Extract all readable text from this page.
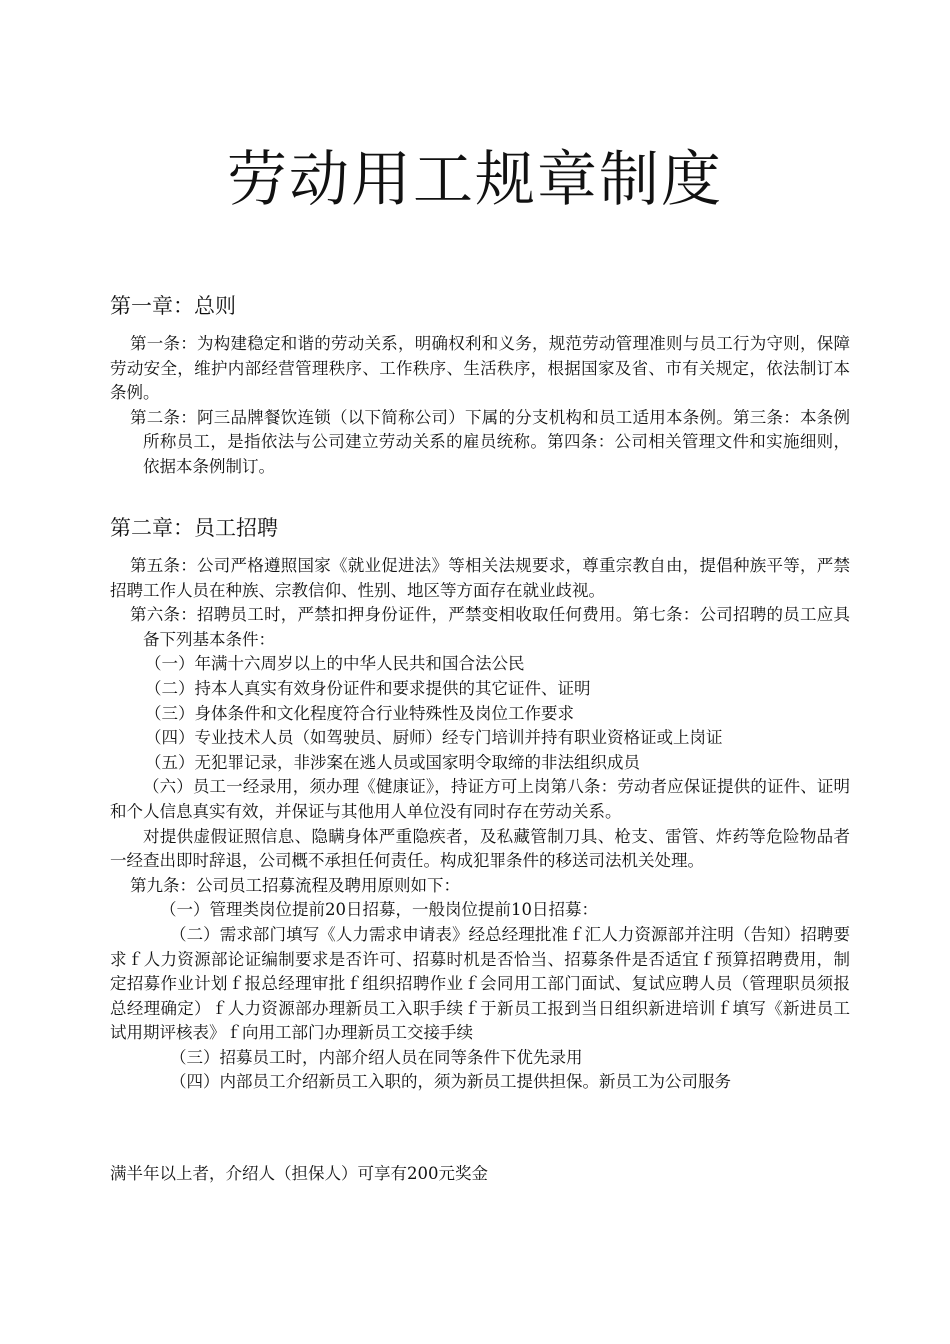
劳动用工规章制度
第一章：总则

第一条：为构建稳定和谐的劳动关系，明确权利和义务，规范劳动管理准则与员工行为守则，保障劳动安全，维护内部经营管理秩序、工作秩序、生活秩序，根据国家及省、市有关规定，依法制订本条例。

第二条：阿三品牌餐饮连锁（以下简称公司）下属的分支机构和员工适用本条例。第三条：本条例所称员工，是指依法与公司建立劳动关系的雇员统称。第四条：公司相关管理文件和实施细则，依据本条例制订。

第二章：员工招聘

第五条：公司严格遵照国家《就业促进法》等相关法规要求，尊重宗教自由，提倡种族平等，严禁招聘工作人员在种族、宗教信仰、性别、地区等方面存在就业歧视。

第六条：招聘员工时，严禁扣押身份证件，严禁变相收取任何费用。第七条：公司招聘的员工应具备下列基本条件：

（一）年满十六周岁以上的中华人民共和国合法公民

（二）持本人真实有效身份证件和要求提供的其它证件、证明

（三）身体条件和文化程度符合行业特殊性及岗位工作要求

（四）专业技术人员（如驾驶员、厨师）经专门培训并持有职业资格证或上岗证

（五）无犯罪记录，非涉案在逃人员或国家明令取缔的非法组织成员

（六）员工一经录用，须办理《健康证》，持证方可上岗第八条：劳动者应保证提供的证件、证明和个人信息真实有效，并保证与其他用人单位没有同时存在劳动关系。

对提供虚假证照信息、隐瞒身体严重隐疾者，及私藏管制刀具、枪支、雷管、炸药等危险物品者一经查出即时辞退，公司概不承担任何责任。构成犯罪条件的移送司法机关处理。

第九条：公司员工招募流程及聘用原则如下：

（一）管理类岗位提前20日招募，一般岗位提前10日招募：

（二）需求部门填写《人力需求申请表》经总经理批准ｆ汇人力资源部并注明（告知）招聘要求ｆ人力资源部论证编制要求是否许可、招募时机是否恰当、招募条件是否适宜ｆ预算招聘费用，制定招募作业计划ｆ报总经理审批ｆ组织招聘作业ｆ会同用工部门面试、复试应聘人员（管理职员须报总经理确定）ｆ人力资源部办理新员工入职手续ｆ于新员工报到当日组织新进培训ｆ填写《新进员工试用期评核表》ｆ向用工部门办理新员工交接手续

（三）招募员工时，内部介绍人员在同等条件下优先录用

（四）内部员工介绍新员工入职的，须为新员工提供担保。新员工为公司服务

满半年以上者，介绍人（担保人）可享有200元奖金
